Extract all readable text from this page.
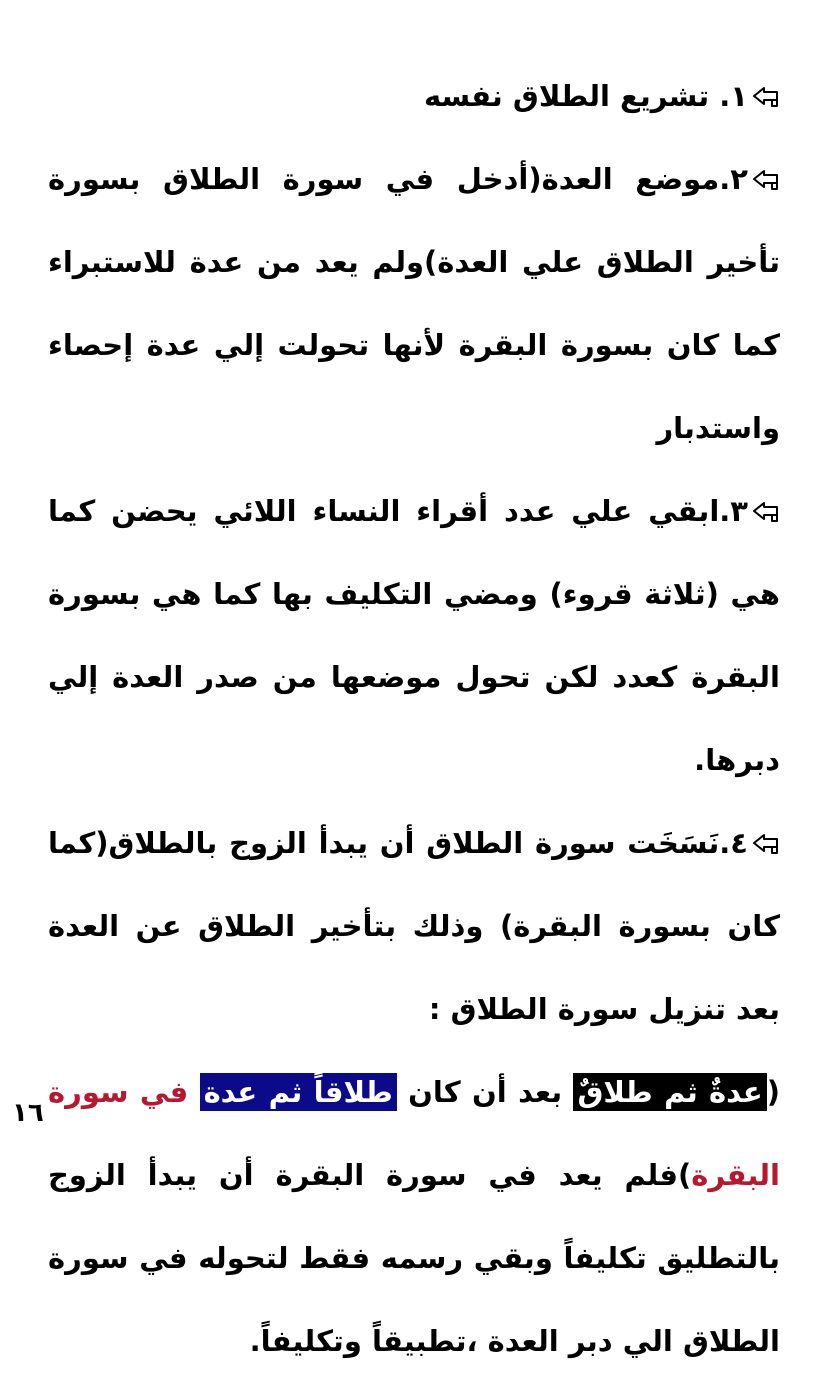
١. تشريع الطلاق نفسه

٢.موضع العدة(أدخل في سورة الطلاق بسورة تأخير الطلاق علي العدة)ولم يعد من عدة للاستبراء كما كان بسورة البقرة لأنها تحولت إلي عدة إحصاء واستدبار

٣.ابقي علي عدد أقراء النساء اللائي يحضن كما هي (ثلاثة قروء) ومضي التكليف بها كما هي بسورة البقرة كعدد لكن تحول موضعها من صدر العدة إلي دبرها.

٤.نَسَخَت سورة الطلاق أن يبدأ الزوج بالطلاق(كما كان بسورة البقرة) وذلك بتأخير الطلاق عن العدة بعد تنزيل سورة الطلاق :

(عدةٌ ثم طلاقٌ بعد أن كان طلاقاً ثم عدة في سورة البقرة)فلم يعد في سورة البقرة أن يبدأ الزوج بالتطليق تكليفاً وبقي رسمه فقط لتحوله في سورة الطلاق الي دبر العدة ،تطبيقاً وتكليفاً.

١٦
